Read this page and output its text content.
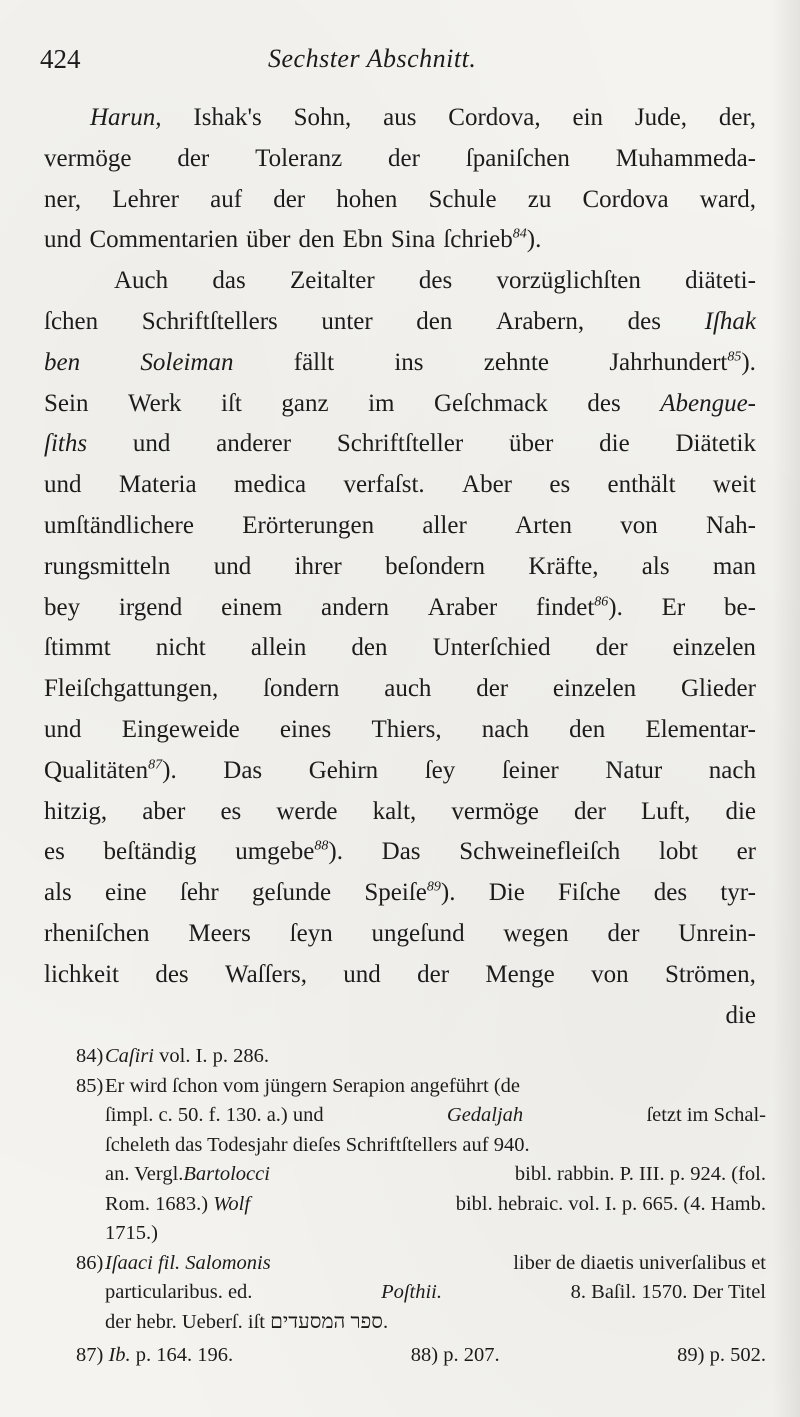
424	Sechster Abschnitt.
Harun, Ishak's Sohn, aus Cordova, ein Jude, der,
vermöge der Toleranz der ſpaniſchen Muhammeda-
ner, Lehrer auf der hohen Schule zu Cordova ward,
und Commentarien über den Ebn Sina ſchrieb$^{84}$).
Auch das Zeitalter des vorzüglichſten diäteti-
ſchen Schriftſtellers unter den Arabern, des Iſhak
ben Soleiman fällt ins zehnte Jahrhundert$^{85}$).
Sein Werk iſt ganz im Geſchmack des Abengue-
ſiths und anderer Schriftſteller über die Diätetik
und Materia medica verfaſst. Aber es enthält weit
umſtändlichere Erörterungen aller Arten von Nah-
rungsmitteln und ihrer beſondern Kräfte, als man
bey irgend einem andern Araber findet$^{86}$). Er be-
ſtimmt nicht allein den Unterſchied der einzelen
Fleiſchgattungen, ſondern auch der einzelen Glieder
und Eingeweide eines Thiers, nach den Elementar-
Qualitäten$^{87}$). Das Gehirn ſey ſeiner Natur nach
hitzig, aber es werde kalt, vermöge der Luft, die
es beſtändig umgebe$^{88}$). Das Schweinefleiſch lobt er
als eine ſehr geſunde Speiſe$^{89}$). Die Fiſche des tyr-
rheniſchen Meers ſeyn ungeſund wegen der Unrein-
lichkeit des Waſſers, und der Menge von Strömen,
die
84) Caſiri
vol. I. p. 286.
85)Er wird ſchon vom jüngern Serapion angeführt (de
ſimpl. c. 50. f. 130. a.) und	Gedaljah	ſetzt im Schal-
ſcheleth das Todesjahr dieſes Schriftſtellers auf 940.
an. Vergl.Bartolocci	bibl. rabbin. P. III. p. 924. (fol.
Rom. 1683.) Wolf	bibl. hebraic. vol. I. p. 665. (4. Hamb.
1715.)
86)Iſaaci fil. Salomonis	liber de diaetis univerſalibus et
particularibus. ed.	Poſthii.	8. Baſil. 1570. Der Titel
der hebr. Ueberſ. iſt
ספר המסעדים .
87) Ib. p. 164. 196.	88) p. 207.	89) p. 502.
